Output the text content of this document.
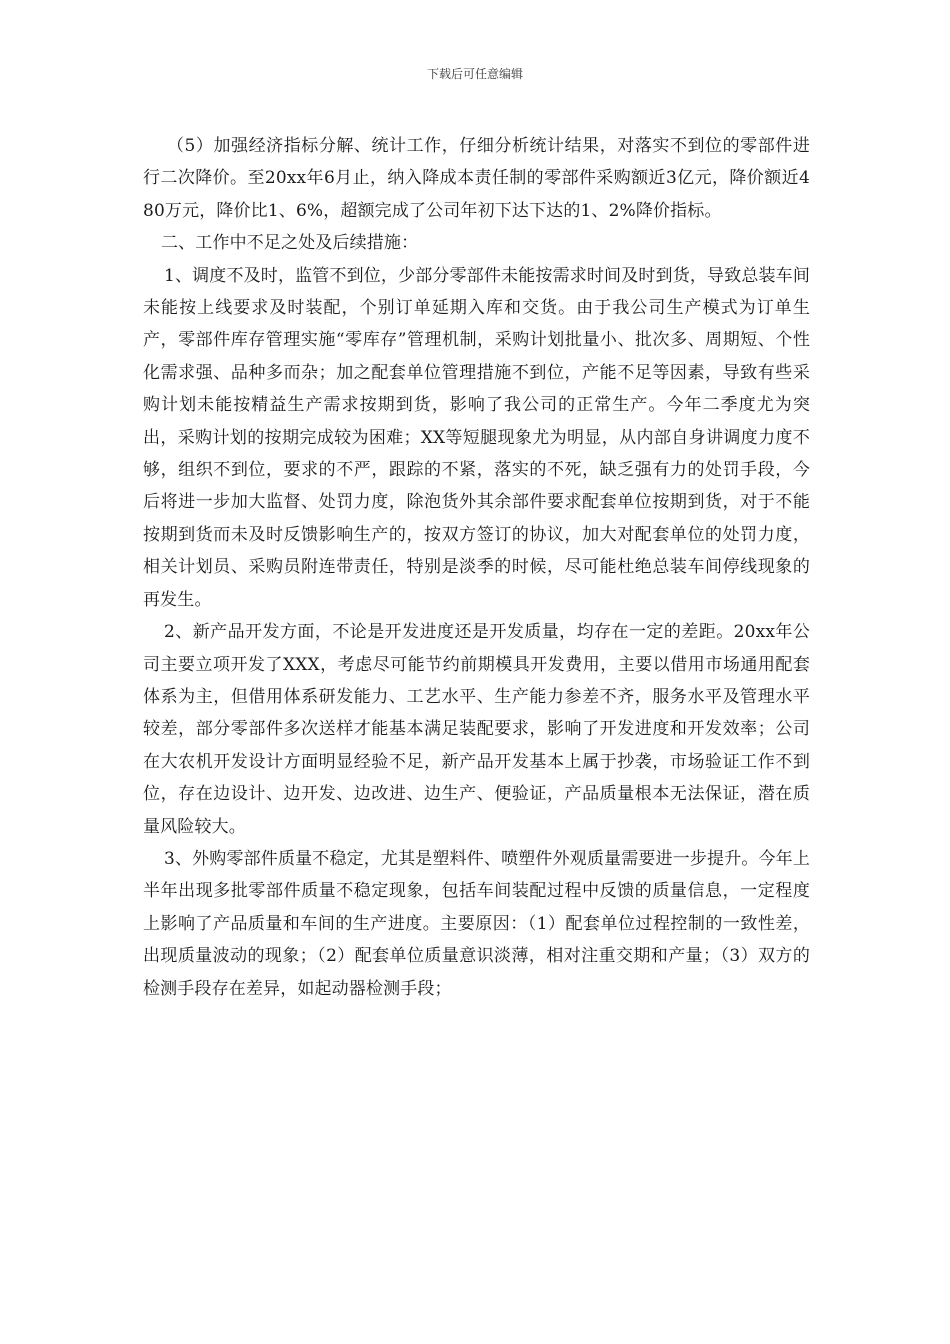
下载后可任意编辑

（5）加强经济指标分解、统计工作，仔细分析统计结果，对落实不到位的零部件进行二次降价。至20xx年6月止，纳入降成本责任制的零部件采购额近3亿元，降价额近480万元，降价比1、6%，超额完成了公司年初下达下达的1、2%降价指标。

二、工作中不足之处及后续措施：

1、调度不及时，监管不到位，少部分零部件未能按需求时间及时到货，导致总装车间未能按上线要求及时装配，个别订单延期入库和交货。由于我公司生产模式为订单生产，零部件库存管理实施“零库存”管理机制，采购计划批量小、批次多、周期短、个性化需求强、品种多而杂；加之配套单位管理措施不到位，产能不足等因素，导致有些采购计划未能按精益生产需求按期到货，影响了我公司的正常生产。今年二季度尤为突出，采购计划的按期完成较为困难；XX等短腿现象尤为明显，从内部自身讲调度力度不够，组织不到位，要求的不严，跟踪的不紧，落实的不死，缺乏强有力的处罚手段，今后将进一步加大监督、处罚力度，除泡货外其余部件要求配套单位按期到货，对于不能按期到货而未及时反馈影响生产的，按双方签订的协议，加大对配套单位的处罚力度，相关计划员、采购员附连带责任，特别是淡季的时候，尽可能杜绝总装车间停线现象的再发生。

2、新产品开发方面，不论是开发进度还是开发质量，均存在一定的差距。20xx年公司主要立项开发了XXX，考虑尽可能节约前期模具开发费用，主要以借用市场通用配套体系为主，但借用体系研发能力、工艺水平、生产能力参差不齐，服务水平及管理水平较差，部分零部件多次送样才能基本满足装配要求，影响了开发进度和开发效率；公司在大农机开发设计方面明显经验不足，新产品开发基本上属于抄袭，市场验证工作不到位，存在边设计、边开发、边改进、边生产、便验证，产品质量根本无法保证，潜在质量风险较大。

3、外购零部件质量不稳定，尤其是塑料件、喷塑件外观质量需要进一步提升。今年上半年出现多批零部件质量不稳定现象，包括车间装配过程中反馈的质量信息，一定程度上影响了产品质量和车间的生产进度。主要原因：（1）配套单位过程控制的一致性差，出现质量波动的现象；（2）配套单位质量意识淡薄，相对注重交期和产量；（3）双方的检测手段存在差异，如起动器检测手段；
